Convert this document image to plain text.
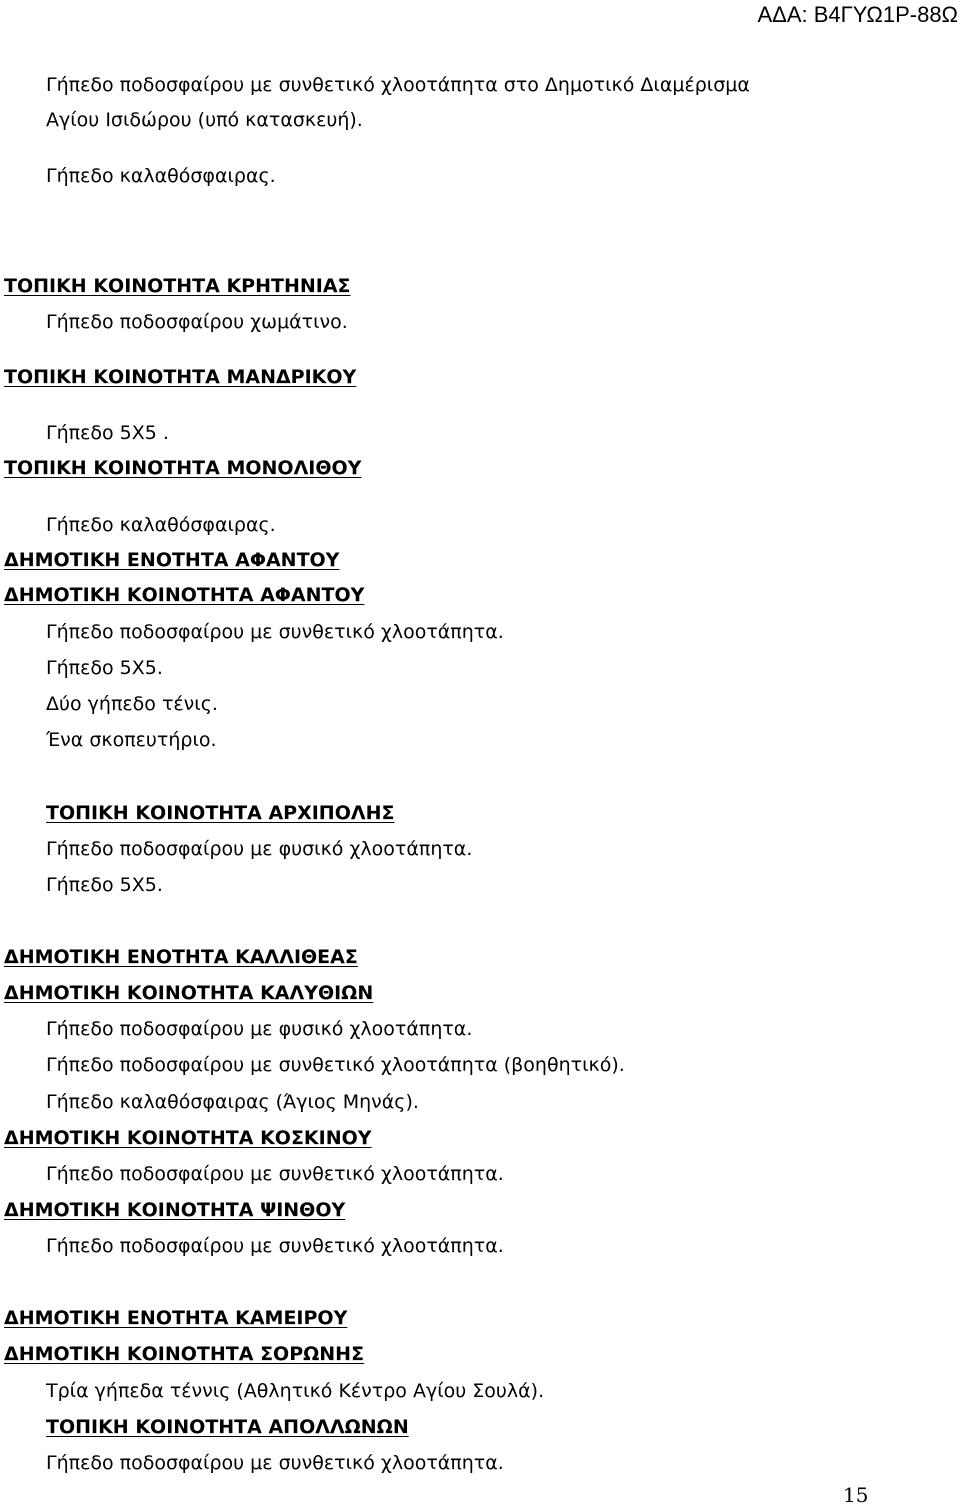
ΑΔΑ: Β4ΓΥΩ1Ρ-88Ω
Γήπεδο ποδοσφαίρου με συνθετικό χλοοτάπητα στο Δημοτικό Διαμέρισμα
Αγίου Ισιδώρου (υπό κατασκευή).
Γήπεδο καλαθόσφαιρας.
ΤΟΠΙΚΗ ΚΟΙΝΟΤΗΤΑ ΚΡΗΤΗΝΙΑΣ
Γήπεδο ποδοσφαίρου χωμάτινο.
ΤΟΠΙΚΗ ΚΟΙΝΟΤΗΤΑ ΜΑΝΔΡΙΚΟΥ
Γήπεδο 5Χ5 .
ΤΟΠΙΚΗ ΚΟΙΝΟΤΗΤΑ ΜΟΝΟΛΙΘΟΥ
Γήπεδο καλαθόσφαιρας.
ΔΗΜΟΤΙΚΗ ΕΝΟΤΗΤΑ ΑΦΑΝΤΟΥ
ΔΗΜΟΤΙΚΗ ΚΟΙΝΟΤΗΤΑ ΑΦΑΝΤΟΥ
Γήπεδο ποδοσφαίρου με συνθετικό χλοοτάπητα.
Γήπεδο 5Χ5.
Δύο γήπεδο τένις.
Ένα σκοπευτήριο.
ΤΟΠΙΚΗ ΚΟΙΝΟΤΗΤΑ ΑΡΧΙΠΟΛΗΣ
Γήπεδο ποδοσφαίρου με φυσικό χλοοτάπητα.
Γήπεδο 5Χ5.
ΔΗΜΟΤΙΚΗ ΕΝΟΤΗΤΑ ΚΑΛΛΙΘΕΑΣ
ΔΗΜΟΤΙΚΗ ΚΟΙΝΟΤΗΤΑ ΚΑΛΥΘΙΩΝ
Γήπεδο ποδοσφαίρου με φυσικό χλοοτάπητα.
Γήπεδο ποδοσφαίρου με συνθετικό χλοοτάπητα (βοηθητικό).
Γήπεδο καλαθόσφαιρας (Άγιος Μηνάς).
ΔΗΜΟΤΙΚΗ ΚΟΙΝΟΤΗΤΑ ΚΟΣΚΙΝΟΥ
Γήπεδο ποδοσφαίρου με συνθετικό χλοοτάπητα.
ΔΗΜΟΤΙΚΗ ΚΟΙΝΟΤΗΤΑ ΨΙΝΘΟΥ
Γήπεδο ποδοσφαίρου με συνθετικό χλοοτάπητα.
ΔΗΜΟΤΙΚΗ ΕΝΟΤΗΤΑ ΚΑΜΕΙΡΟΥ
ΔΗΜΟΤΙΚΗ ΚΟΙΝΟΤΗΤΑ ΣΟΡΩΝΗΣ
Τρία γήπεδα τέννις (Αθλητικό Κέντρο Αγίου Σουλά).
ΤΟΠΙΚΗ ΚΟΙΝΟΤΗΤΑ ΑΠΟΛΛΩΝΩΝ
Γήπεδο ποδοσφαίρου με συνθετικό χλοοτάπητα.
15
